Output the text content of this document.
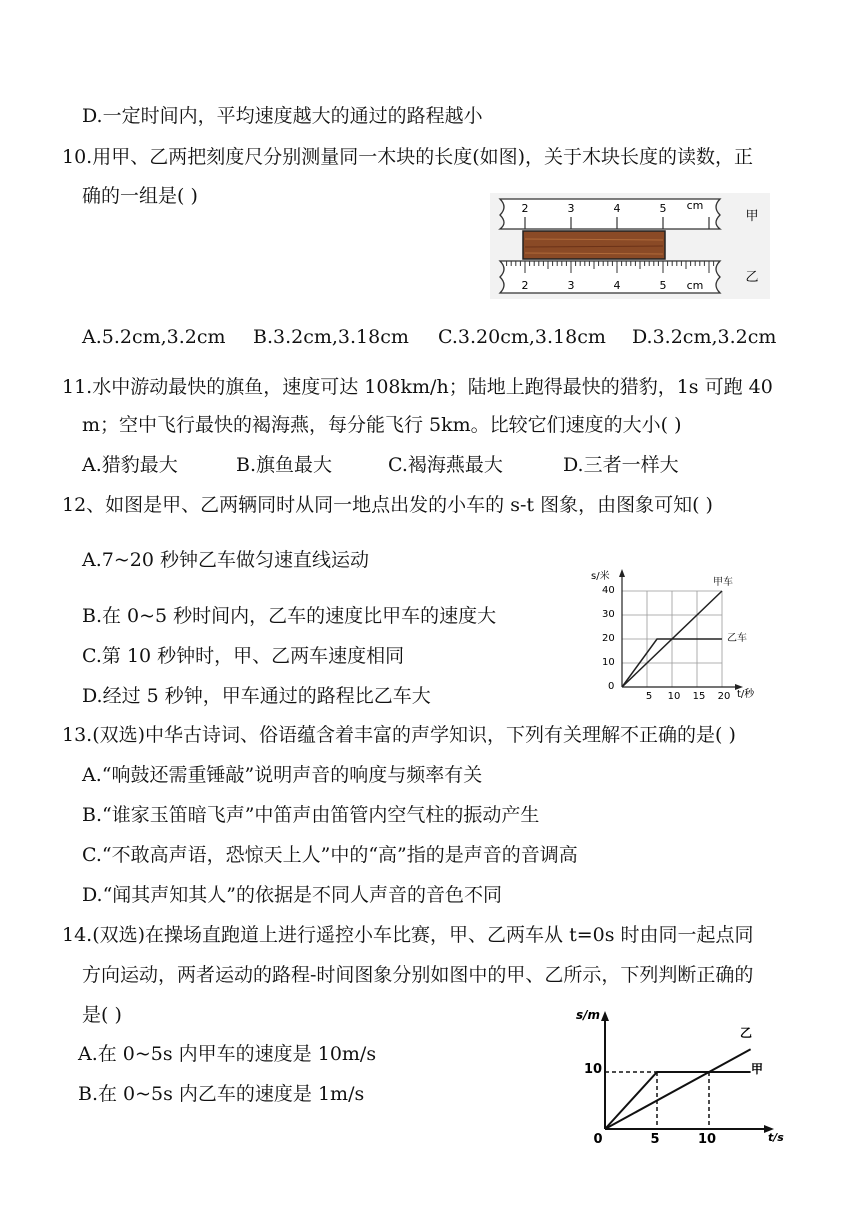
D.一定时间内，平均速度越大的通过的路程越小
10.用甲、乙两把刻度尺分别测量同一木块的长度(如图)，关于木块长度的读数，正
确的一组是( )
2	3	4	5 cm
甲
2	3	4	5 cm
乙
A.5.2cm,3.2cm B.3.2cm,3.18cm C.3.20cm,3.18cm D.3.2cm,3.2cm
11.水中游动最快的旗鱼，速度可达 108km/h；陆地上跑得最快的猎豹，1s 可跑 40
m；空中飞行最快的褐海燕，每分能飞行 5km。比较它们速度的大小( )
A.猎豹最大	B.旗鱼最大	C.褐海燕最大	D.三者一样大
12、如图是甲、乙两辆同时从同一地点出发的小车的 s-t 图象，由图象可知( )
A.7~20 秒钟乙车做匀速直线运动
B.在 0~5 秒时间内，乙车的速度比甲车的速度大
C.第 10 秒钟时，甲、乙两车速度相同
D.经过 5 秒钟，甲车通过的路程比乙车大
s/米
t/秒
0
10
20
30
40
5 10 15 20
甲车
乙车
13.(双选)中华古诗词、俗语蕴含着丰富的声学知识，下列有关理解不正确的是( )
A.“响鼓还需重锤敲”说明声音的响度与频率有关
B.“谁家玉笛暗飞声”中笛声由笛管内空气柱的振动产生
C.“不敢高声语，恐惊天上人”中的“高”指的是声音的音调高
D.“闻其声知其人”的依据是不同人声音的音色不同
14.(双选)在操场直跑道上进行遥控小车比赛，甲、乙两车从 t=0s 时由同一起点同
方向运动，两者运动的路程-时间图象分别如图中的甲、乙所示，下列判断正确的
是( )
A.在 0~5s 内甲车的速度是 10m/s
B.在 0~5s 内乙车的速度是 1m/s
s/m
t/s
0
10
5	10
甲
乙
